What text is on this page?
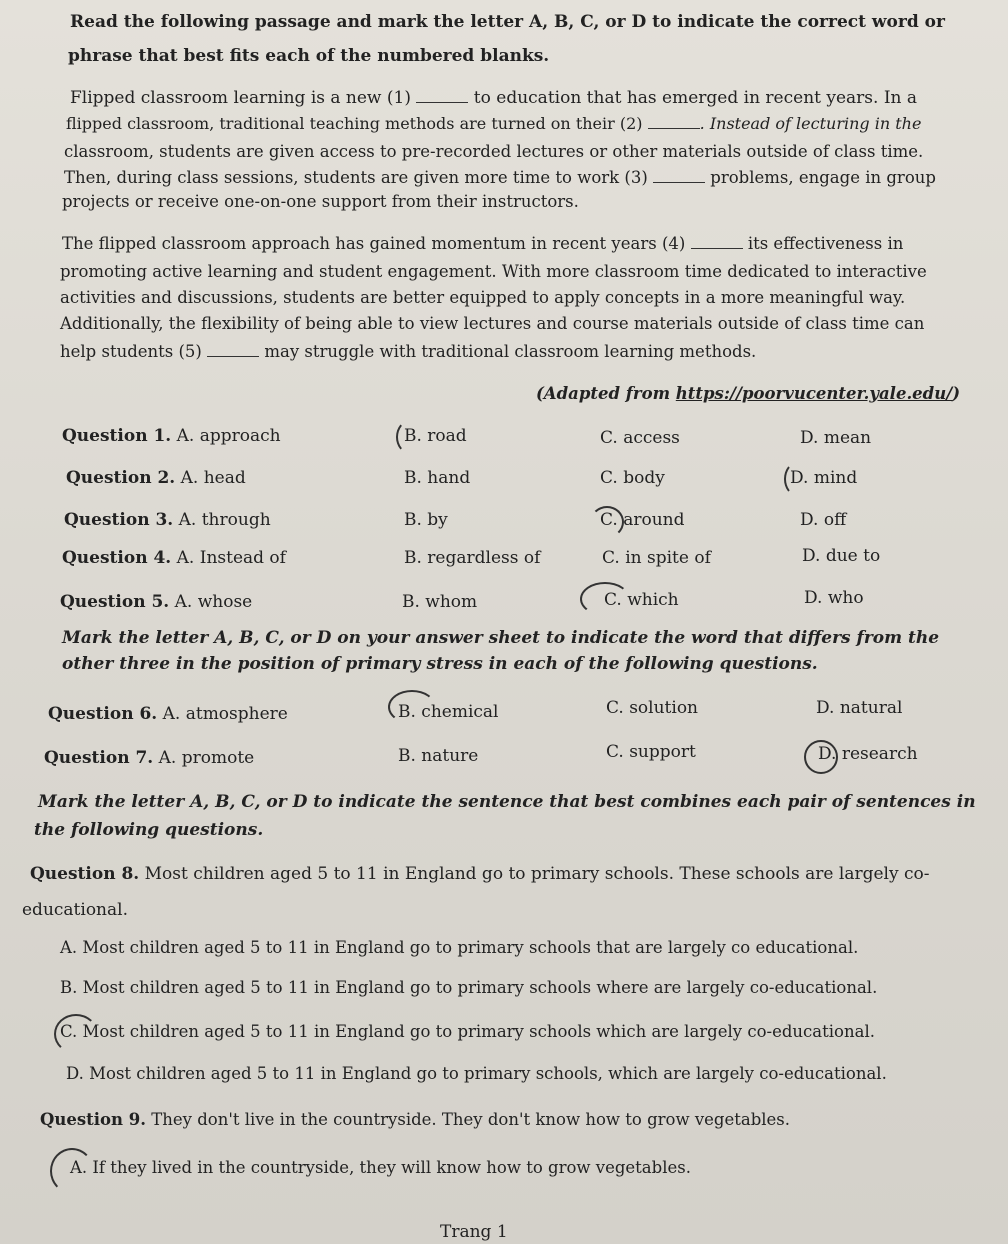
Read the following passage and mark the letter A, B, C, or D to indicate the correct word or
phrase that best fits each of the numbered blanks.
Flipped classroom learning is a new (1)	to education that has emerged in recent years. In a
flipped classroom, traditional teaching methods are turned on their (2)	. Instead of lecturing in the
classroom, students are given access to pre-recorded lectures or other materials outside of class time.
Then, during class sessions, students are given more time to work (3)	problems, engage in group
projects or receive one-on-one support from their instructors.
The flipped classroom approach has gained momentum in recent years (4)	its effectiveness in
promoting active learning and student engagement. With more classroom time dedicated to interactive
activities and discussions, students are better equipped to apply concepts in a more meaningful way.
Additionally, the flexibility of being able to view lectures and course materials outside of class time can
help students (5)	may struggle with traditional classroom learning methods.
(Adapted from https://poorvucenter.yale.edu/)
Question 1. A. approach	B. road	C. access	D. mean
Question 2. A. head	B. hand	C. body	D. mind
Question 3. A. through	B. by	C. around	D. off
Question 4. A. Instead of	B. regardless of	C. in spite of	D. due to
Question 5. A. whose	B. whom	C. which	D. who
Mark the letter A, B, C, or D on your answer sheet to indicate the word that differs from the
other three in the position of primary stress in each of the following questions.
Question 6. A. atmosphere	B. chemical	C. solution	D. natural
Question 7. A. promote	B. nature	C. support	D. research
Mark the letter A, B, C, or D to indicate the sentence that best combines each pair of sentences in
the following questions.
Question 8. Most children aged 5 to 11 in England go to primary schools. These schools are largely co-
educational.
A. Most children aged 5 to 11 in England go to primary schools that are largely co educational.
B. Most children aged 5 to 11 in England go to primary schools where are largely co-educational.
C. Most children aged 5 to 11 in England go to primary schools which are largely co-educational.
D. Most children aged 5 to 11 in England go to primary schools, which are largely co-educational.
Question 9. They don't live in the countryside. They don't know how to grow vegetables.
A. If they lived in the countryside, they will know how to grow vegetables.
Trang 1
